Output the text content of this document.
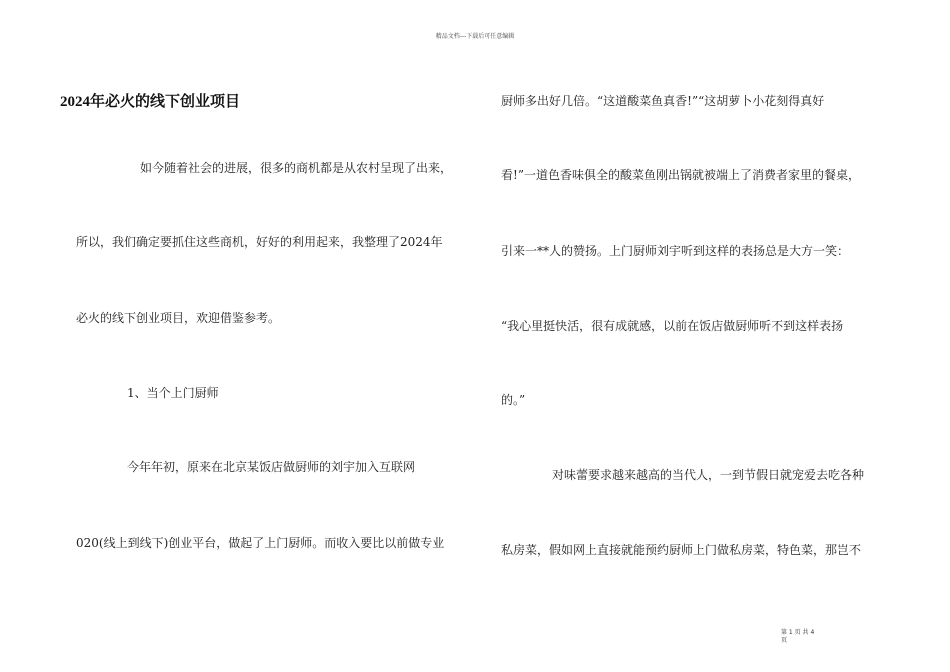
精品文档---下载后可任意编辑
2024年必火的线下创业项目
如今随着社会的进展，很多的商机都是从农村呈现了出来，
所以，我们确定要抓住这些商机，好好的利用起来，我整理了2024年
必火的线下创业项目，欢迎借鉴参考。
1、当个上门厨师
今年年初，原来在北京某饭店做厨师的刘宇加入互联网
020(线上到线下)创业平台，做起了上门厨师。而收入要比以前做专业
厨师多出好几倍。“这道酸菜鱼真香!”“这胡萝卜小花刻得真好
看!”一道色香味俱全的酸菜鱼刚出锅就被端上了消费者家里的餐桌，
引来一**人的赞扬。上门厨师刘宇听到这样的表扬总是大方一笑：
“我心里挺快活，很有成就感，以前在饭店做厨师听不到这样表扬
的。”
对味蕾要求越来越高的当代人，一到节假日就宠爱去吃各种
私房菜，假如网上直接就能预约厨师上门做私房菜，特色菜，那岂不
第 1 页 共 4
页
